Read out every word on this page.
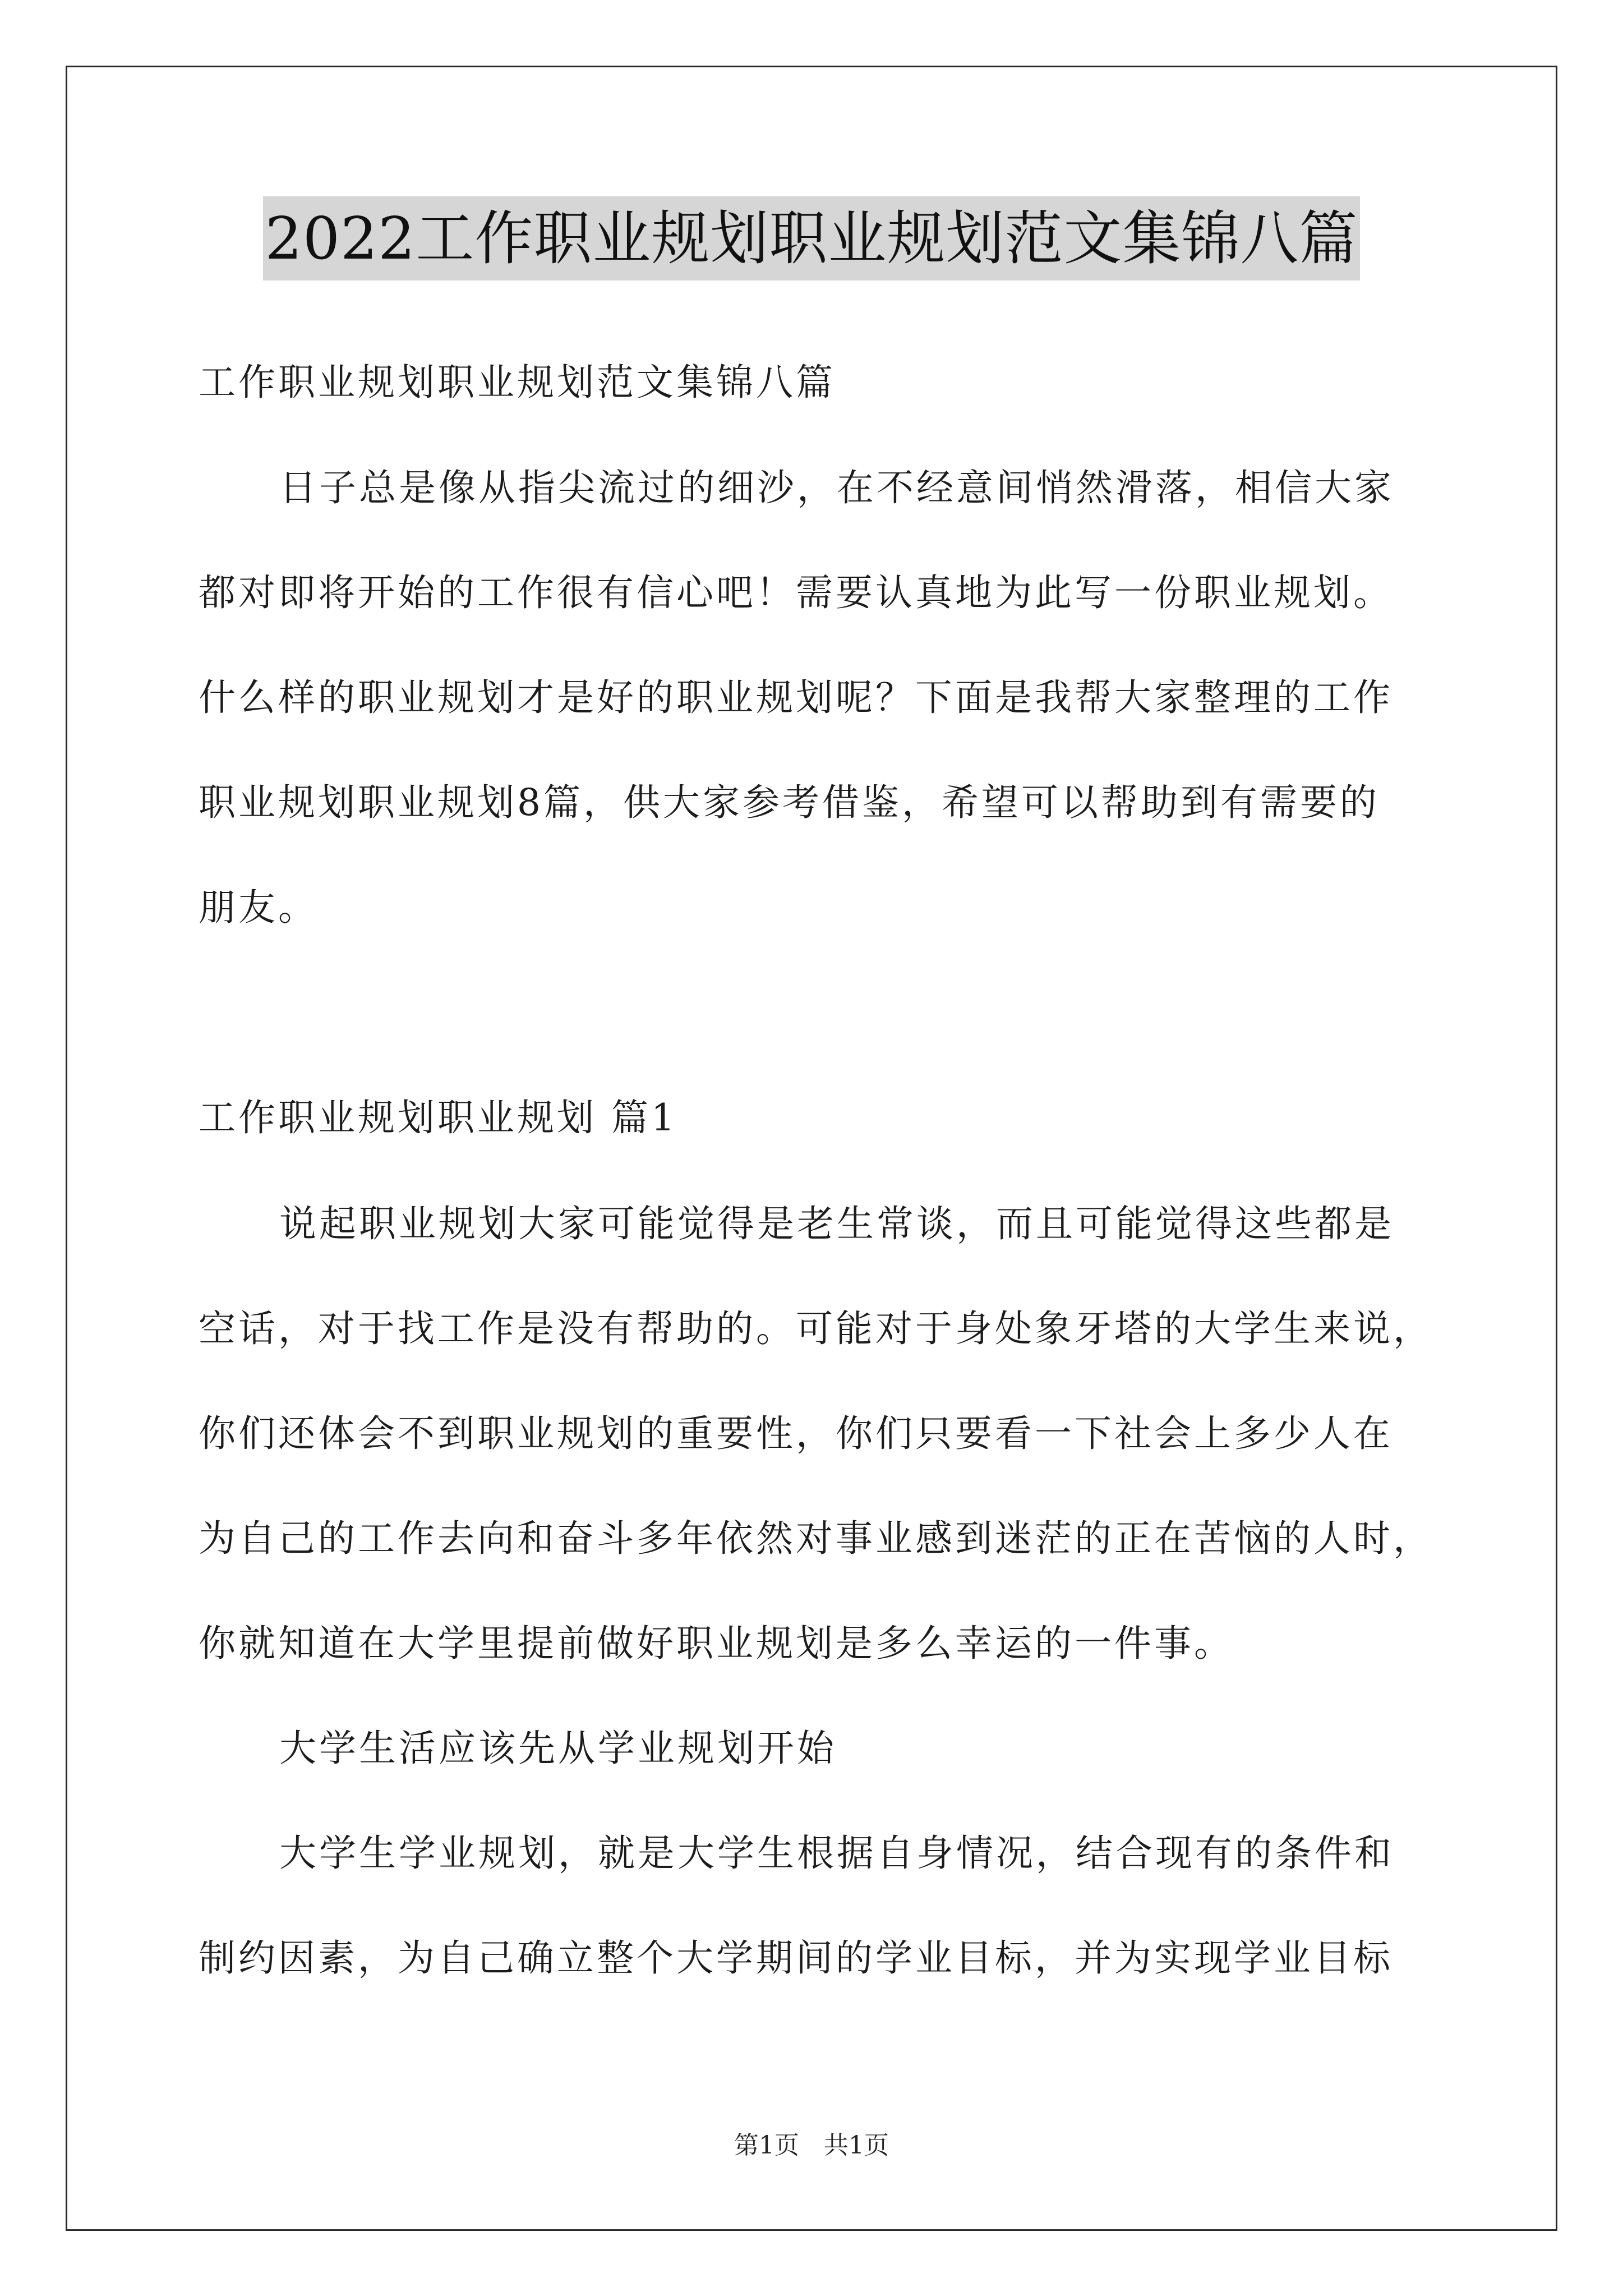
2022工作职业规划职业规划范文集锦八篇
工作职业规划职业规划范文集锦八篇
日子总是像从指尖流过的细沙，在不经意间悄然滑落，相信大家
都对即将开始的工作很有信心吧！需要认真地为此写一份职业规划。
什么样的职业规划才是好的职业规划呢？下面是我帮大家整理的工作
职业规划职业规划8篇，供大家参考借鉴，希望可以帮助到有需要的
朋友。
工作职业规划职业规划 篇1
说起职业规划大家可能觉得是老生常谈，而且可能觉得这些都是
空话，对于找工作是没有帮助的。可能对于身处象牙塔的大学生来说，
你们还体会不到职业规划的重要性，你们只要看一下社会上多少人在
为自己的工作去向和奋斗多年依然对事业感到迷茫的正在苦恼的人时，
你就知道在大学里提前做好职业规划是多么幸运的一件事。
大学生活应该先从学业规划开始
大学生学业规划，就是大学生根据自身情况，结合现有的条件和
制约因素，为自己确立整个大学期间的学业目标，并为实现学业目标
第1页 共1页
